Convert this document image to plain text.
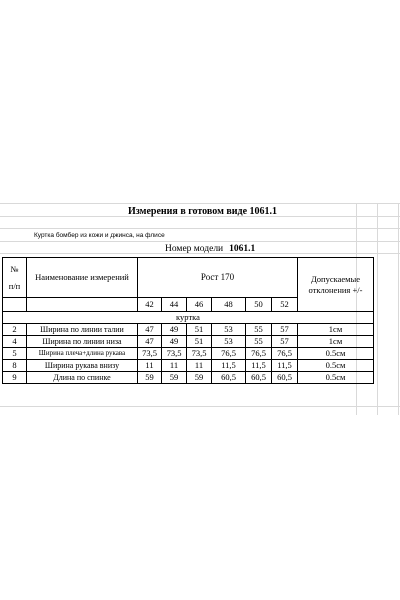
Измерения в готовом виде 1061.1
Куртка бомбер из кожи и джинса, на флисе
Номер модели 1061.1
№
п/п	Наименование измерений	Рост 170						Допускаемые отклонения +/-
		42	44	46	48	50	52	
куртка								
2	Ширина по линии талии	47	49	51	53	55	57	1см
4	Ширина по линии низа	47	49	51	53	55	57	1см
5	Ширина плеча+длина рукава	73,5	73,5	73,5	76,5	76,5	76,5	0.5см
8	Ширина рукава внизу	11	11	11	11,5	11,5	11,5	0.5см
9	Длина по спинке	59	59	59	60,5	60,5	60,5	0.5см
